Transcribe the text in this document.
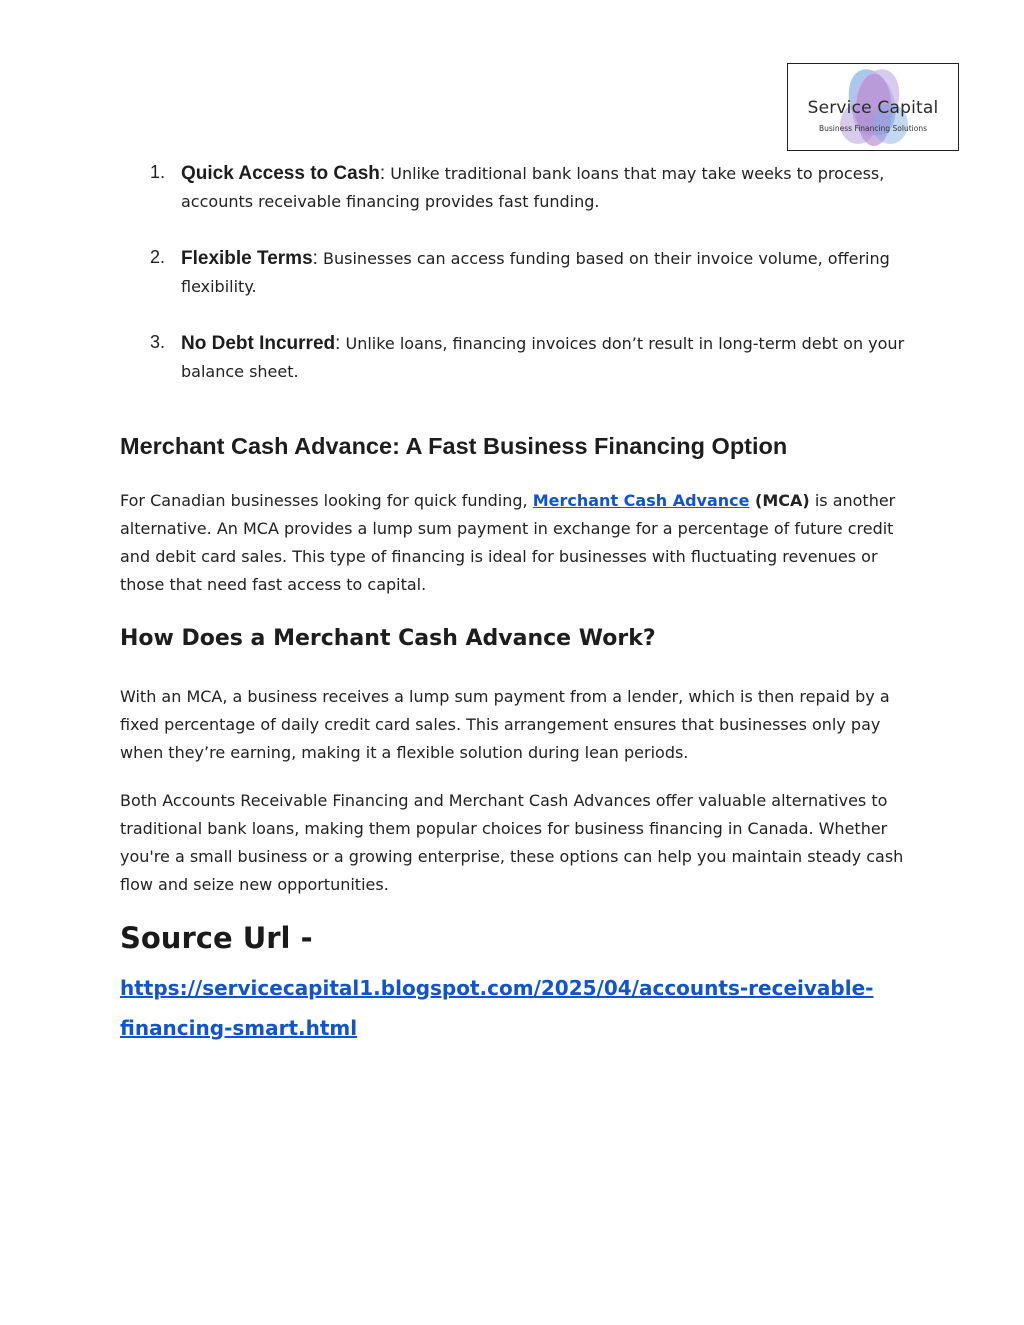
Service Capital
Business Financing Solutions
1. Quick Access to Cash: Unlike traditional bank loans that may take weeks to process, accounts receivable financing provides fast funding.
2. Flexible Terms: Businesses can access funding based on their invoice volume, offering flexibility.
3. No Debt Incurred: Unlike loans, financing invoices don’t result in long-term debt on your balance sheet.
Merchant Cash Advance: A Fast Business Financing Option

For Canadian businesses looking for quick funding, Merchant Cash Advance (MCA) is another alternative. An MCA provides a lump sum payment in exchange for a percentage of future credit and debit card sales. This type of financing is ideal for businesses with fluctuating revenues or those that need fast access to capital.

How Does a Merchant Cash Advance Work?

With an MCA, a business receives a lump sum payment from a lender, which is then repaid by a fixed percentage of daily credit card sales. This arrangement ensures that businesses only pay when they’re earning, making it a flexible solution during lean periods.

Both Accounts Receivable Financing and Merchant Cash Advances offer valuable alternatives to traditional bank loans, making them popular choices for business financing in Canada. Whether you're a small business or a growing enterprise, these options can help you maintain steady cash flow and seize new opportunities.

Source Url -
https://servicecapital1.blogspot.com/2025/04/accounts-receivable-financing-smart.html
